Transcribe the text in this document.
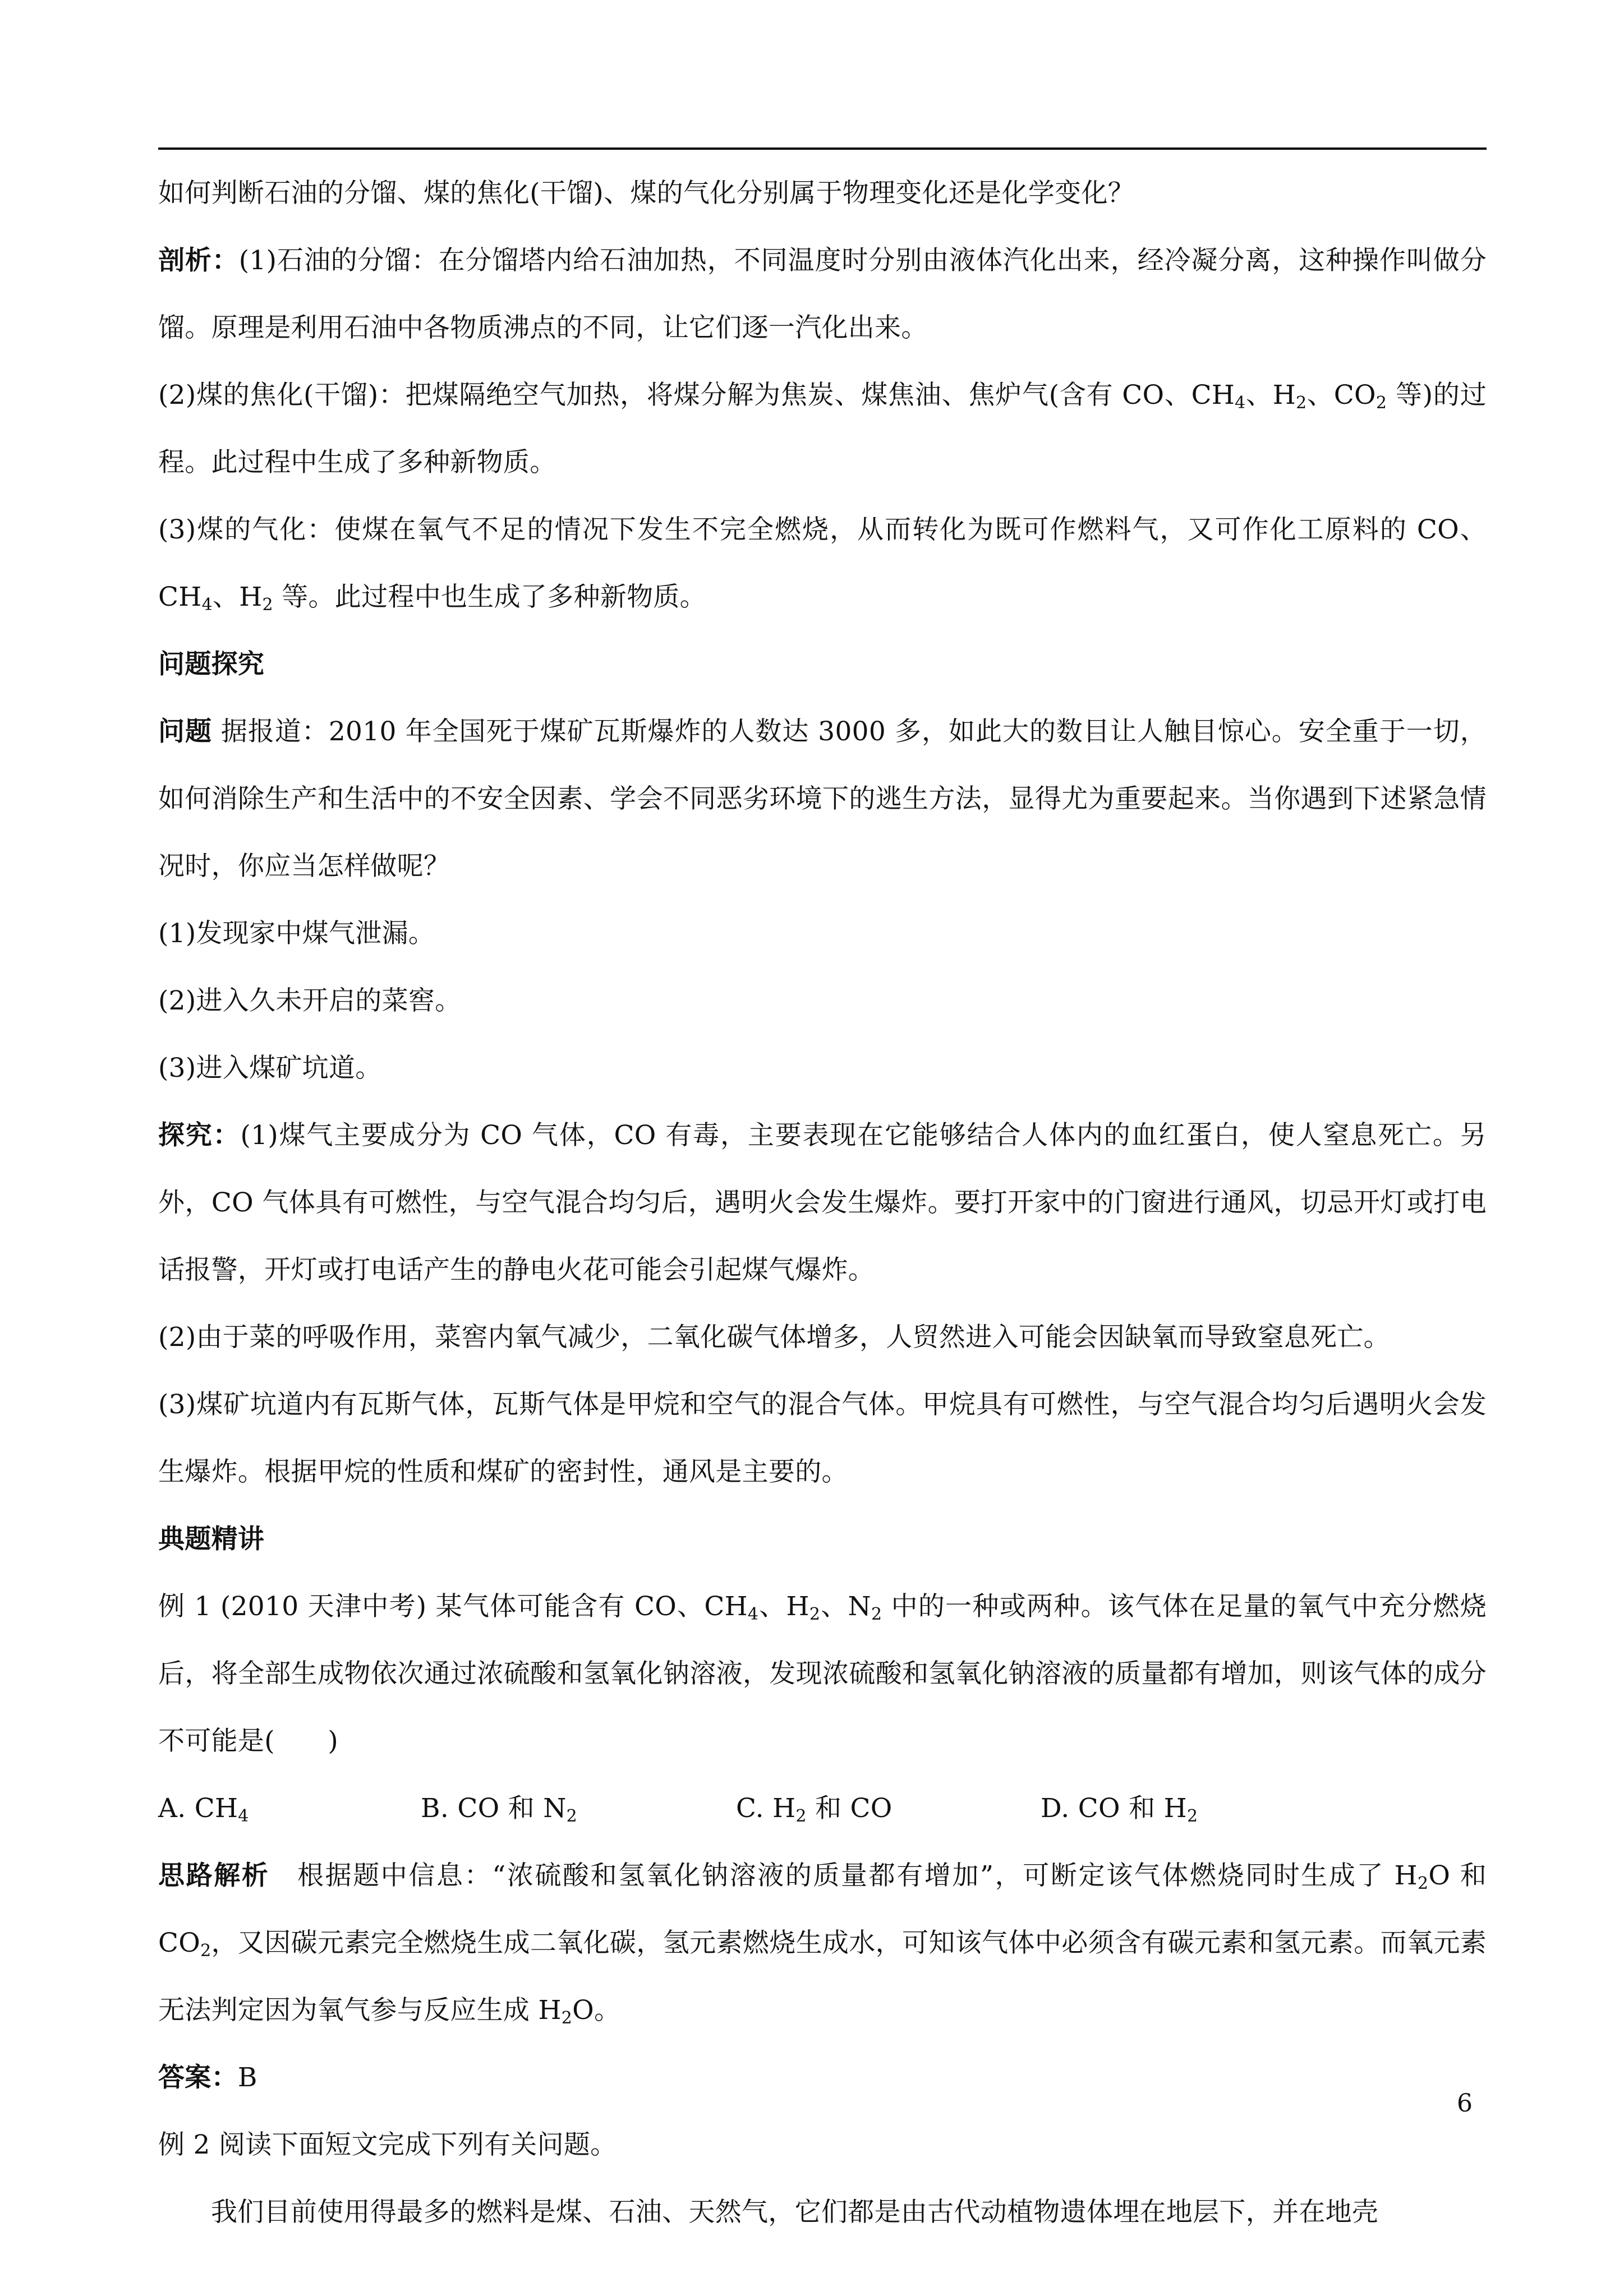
如何判断石油的分馏、煤的焦化(干馏)、煤的气化分别属于物理变化还是化学变化？

剖析：(1)石油的分馏：在分馏塔内给石油加热，不同温度时分别由液体汽化出来，经冷凝分离，这种操作叫做分馏。原理是利用石油中各物质沸点的不同，让它们逐一汽化出来。

(2)煤的焦化(干馏)：把煤隔绝空气加热，将煤分解为焦炭、煤焦油、焦炉气(含有 CO、$CH_4$、$H_2$、$CO_2$ 等)的过程。此过程中生成了多种新物质。

(3)煤的气化：使煤在氧气不足的情况下发生不完全燃烧，从而转化为既可作燃料气，又可作化工原料的 CO、$CH_4$、$H_2$ 等。此过程中也生成了多种新物质。

问题探究

问题 据报道：2010 年全国死于煤矿瓦斯爆炸的人数达 3000 多，如此大的数目让人触目惊心。安全重于一切，如何消除生产和生活中的不安全因素、学会不同恶劣环境下的逃生方法，显得尤为重要起来。当你遇到下述紧急情况时，你应当怎样做呢？

(1)发现家中煤气泄漏。

(2)进入久未开启的菜窖。

(3)进入煤矿坑道。

探究：(1)煤气主要成分为 CO 气体，CO 有毒，主要表现在它能够结合人体内的血红蛋白，使人窒息死亡。另外，CO 气体具有可燃性，与空气混合均匀后，遇明火会发生爆炸。要打开家中的门窗进行通风，切忌开灯或打电话报警，开灯或打电话产生的静电火花可能会引起煤气爆炸。

(2)由于菜的呼吸作用，菜窖内氧气减少，二氧化碳气体增多，人贸然进入可能会因缺氧而导致窒息死亡。

(3)煤矿坑道内有瓦斯气体，瓦斯气体是甲烷和空气的混合气体。甲烷具有可燃性，与空气混合均匀后遇明火会发生爆炸。根据甲烷的性质和煤矿的密封性，通风是主要的。

典题精讲

例 1 (2010 天津中考) 某气体可能含有 CO、$CH_4$、$H_2$、$N_2$ 中的一种或两种。该气体在足量的氧气中充分燃烧后，将全部生成物依次通过浓硫酸和氢氧化钠溶液，发现浓硫酸和氢氧化钠溶液的质量都有增加，则该气体的成分不可能是(　　)

A. $CH_4$	B. CO 和 $N_2$	C. $H_2$ 和 CO	D. CO 和 $H_2$

思路解析　根据题中信息：“浓硫酸和氢氧化钠溶液的质量都有增加”，可断定该气体燃烧同时生成了 $H_2O$ 和 $CO_2$，又因碳元素完全燃烧生成二氧化碳，氢元素燃烧生成水，可知该气体中必须含有碳元素和氢元素。而氧元素无法判定因为氧气参与反应生成 $H_2O$。

答案：B

例 2 阅读下面短文完成下列有关问题。

我们目前使用得最多的燃料是煤、石油、天然气，它们都是由古代动植物遗体埋在地层下，并在地壳

6
